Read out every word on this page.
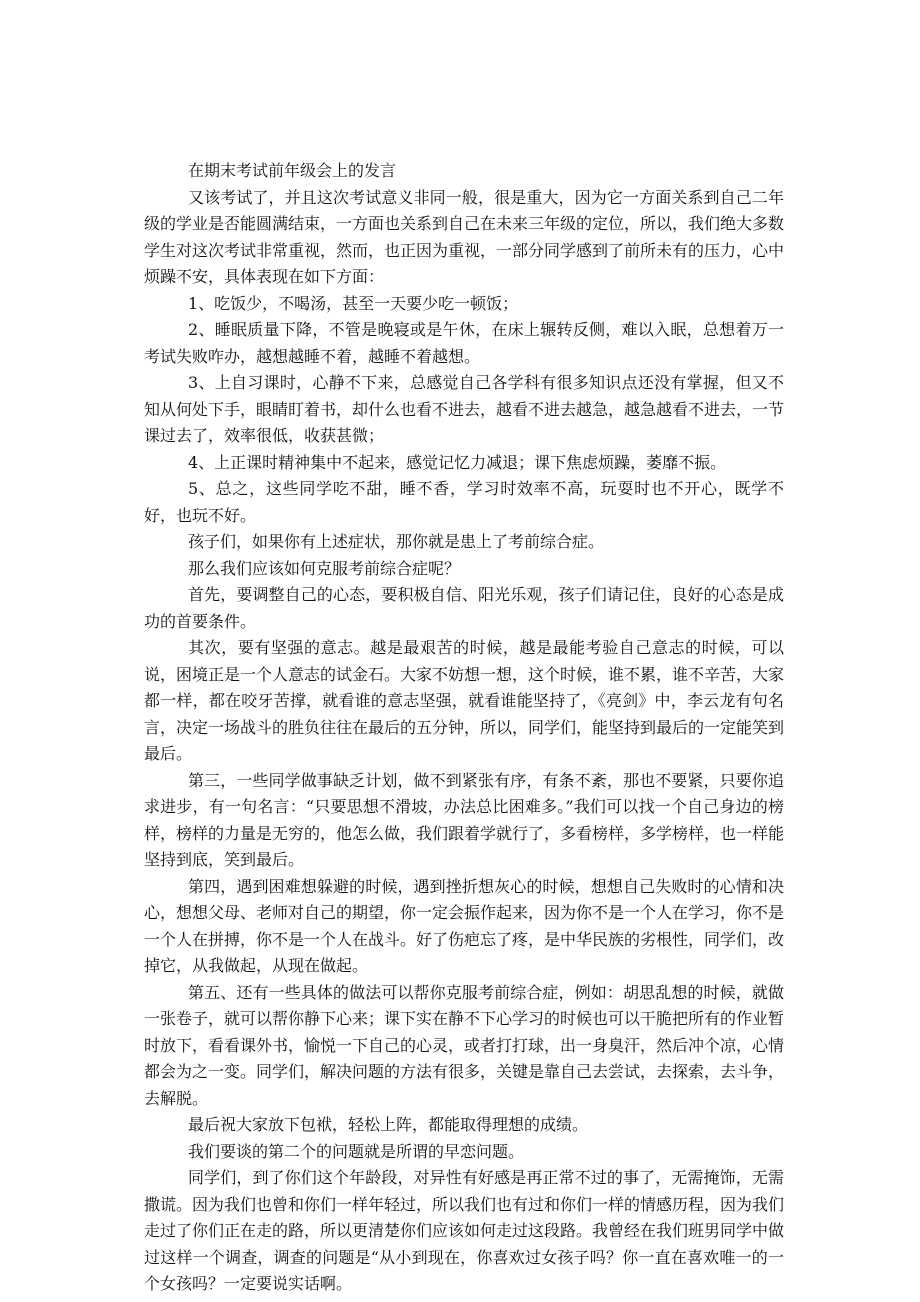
在期末考试前年级会上的发言

又该考试了，并且这次考试意义非同一般，很是重大，因为它一方面关系到自己二年级的学业是否能圆满结束，一方面也关系到自己在未来三年级的定位，所以，我们绝大多数学生对这次考试非常重视，然而，也正因为重视，一部分同学感到了前所未有的压力，心中烦躁不安，具体表现在如下方面：

1、吃饭少，不喝汤，甚至一天要少吃一顿饭；

2、睡眠质量下降，不管是晚寝或是午休，在床上辗转反侧，难以入眠，总想着万一考试失败咋办，越想越睡不着，越睡不着越想。

3、上自习课时，心静不下来，总感觉自己各学科有很多知识点还没有掌握，但又不知从何处下手，眼睛盯着书，却什么也看不进去，越看不进去越急，越急越看不进去，一节课过去了，效率很低，收获甚微；

4、上正课时精神集中不起来，感觉记忆力减退；课下焦虑烦躁，萎靡不振。

5、总之，这些同学吃不甜，睡不香，学习时效率不高，玩耍时也不开心，既学不好，也玩不好。

孩子们，如果你有上述症状，那你就是患上了考前综合症。

那么我们应该如何克服考前综合症呢？

首先，要调整自己的心态，要积极自信、阳光乐观，孩子们请记住，良好的心态是成功的首要条件。

其次，要有坚强的意志。越是最艰苦的时候，越是最能考验自己意志的时候，可以说，困境正是一个人意志的试金石。大家不妨想一想，这个时候，谁不累，谁不辛苦，大家都一样，都在咬牙苦撑，就看谁的意志坚强，就看谁能坚持了，《亮剑》中，李云龙有句名言，决定一场战斗的胜负往往在最后的五分钟，所以，同学们，能坚持到最后的一定能笑到最后。

第三，一些同学做事缺乏计划，做不到紧张有序，有条不紊，那也不要紧，只要你追求进步，有一句名言：“只要思想不滑坡，办法总比困难多。”我们可以找一个自己身边的榜样，榜样的力量是无穷的，他怎么做，我们跟着学就行了，多看榜样，多学榜样，也一样能坚持到底，笑到最后。

第四，遇到困难想躲避的时候，遇到挫折想灰心的时候，想想自己失败时的心情和决心，想想父母、老师对自己的期望，你一定会振作起来，因为你不是一个人在学习，你不是一个人在拼搏，你不是一个人在战斗。好了伤疤忘了疼，是中华民族的劣根性，同学们，改掉它，从我做起，从现在做起。

第五、还有一些具体的做法可以帮你克服考前综合症，例如：胡思乱想的时候，就做一张卷子，就可以帮你静下心来；课下实在静不下心学习的时候也可以干脆把所有的作业暂时放下，看看课外书，愉悦一下自己的心灵，或者打打球，出一身臭汗，然后冲个凉，心情都会为之一变。同学们，解决问题的方法有很多，关键是靠自己去尝试，去探索，去斗争，去解脱。

最后祝大家放下包袱，轻松上阵，都能取得理想的成绩。

我们要谈的第二个的问题就是所谓的早恋问题。

同学们，到了你们这个年龄段，对异性有好感是再正常不过的事了，无需掩饰，无需撒谎。因为我们也曾和你们一样年轻过，所以我们也有过和你们一样的情感历程，因为我们走过了你们正在走的路，所以更清楚你们应该如何走过这段路。我曾经在我们班男同学中做过这样一个调查，调查的问题是“从小到现在，你喜欢过女孩子吗？你一直在喜欢唯一的一个女孩吗？一定要说实话啊。
